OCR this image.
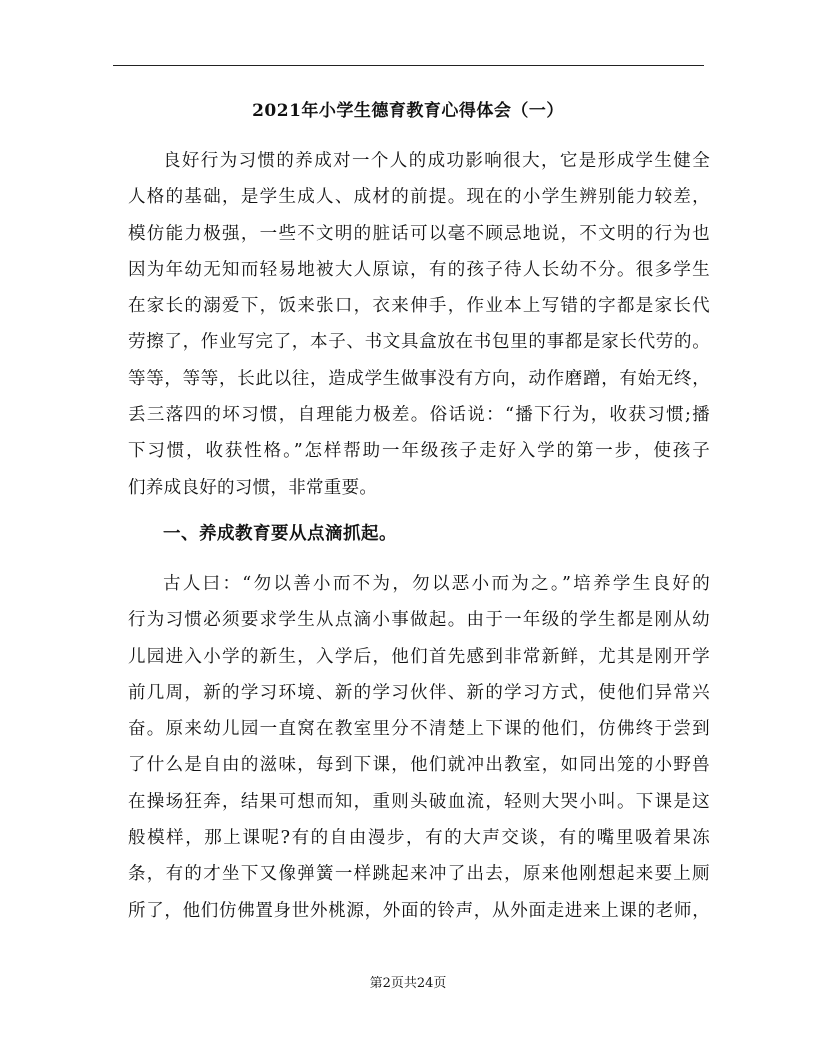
2021年小学生德育教育心得体会（一）
良好行为习惯的养成对一个人的成功影响很大，它是形成学生健全
人格的基础，是学生成人、成材的前提。现在的小学生辨别能力较差，
模仿能力极强，一些不文明的脏话可以毫不顾忌地说，不文明的行为也
因为年幼无知而轻易地被大人原谅，有的孩子待人长幼不分。很多学生
在家长的溺爱下，饭来张口，衣来伸手，作业本上写错的字都是家长代
劳擦了，作业写完了，本子、书文具盒放在书包里的事都是家长代劳的。
等等，等等，长此以往，造成学生做事没有方向，动作磨蹭，有始无终，
丢三落四的坏习惯，自理能力极差。俗话说：“播下行为，收获习惯;播
下习惯，收获性格。”怎样帮助一年级孩子走好入学的第一步，使孩子
们养成良好的习惯，非常重要。
一、养成教育要从点滴抓起。
古人曰：“勿以善小而不为，勿以恶小而为之。”培养学生良好的
行为习惯必须要求学生从点滴小事做起。由于一年级的学生都是刚从幼
儿园进入小学的新生，入学后，他们首先感到非常新鲜，尤其是刚开学
前几周，新的学习环境、新的学习伙伴、新的学习方式，使他们异常兴
奋。原来幼儿园一直窝在教室里分不清楚上下课的他们，仿佛终于尝到
了什么是自由的滋味，每到下课，他们就冲出教室，如同出笼的小野兽
在操场狂奔，结果可想而知，重则头破血流，轻则大哭小叫。下课是这
般模样，那上课呢?有的自由漫步，有的大声交谈，有的嘴里吸着果冻
条，有的才坐下又像弹簧一样跳起来冲了出去，原来他刚想起来要上厕
所了，他们仿佛置身世外桃源，外面的铃声，从外面走进来上课的老师，
第2页共24页
